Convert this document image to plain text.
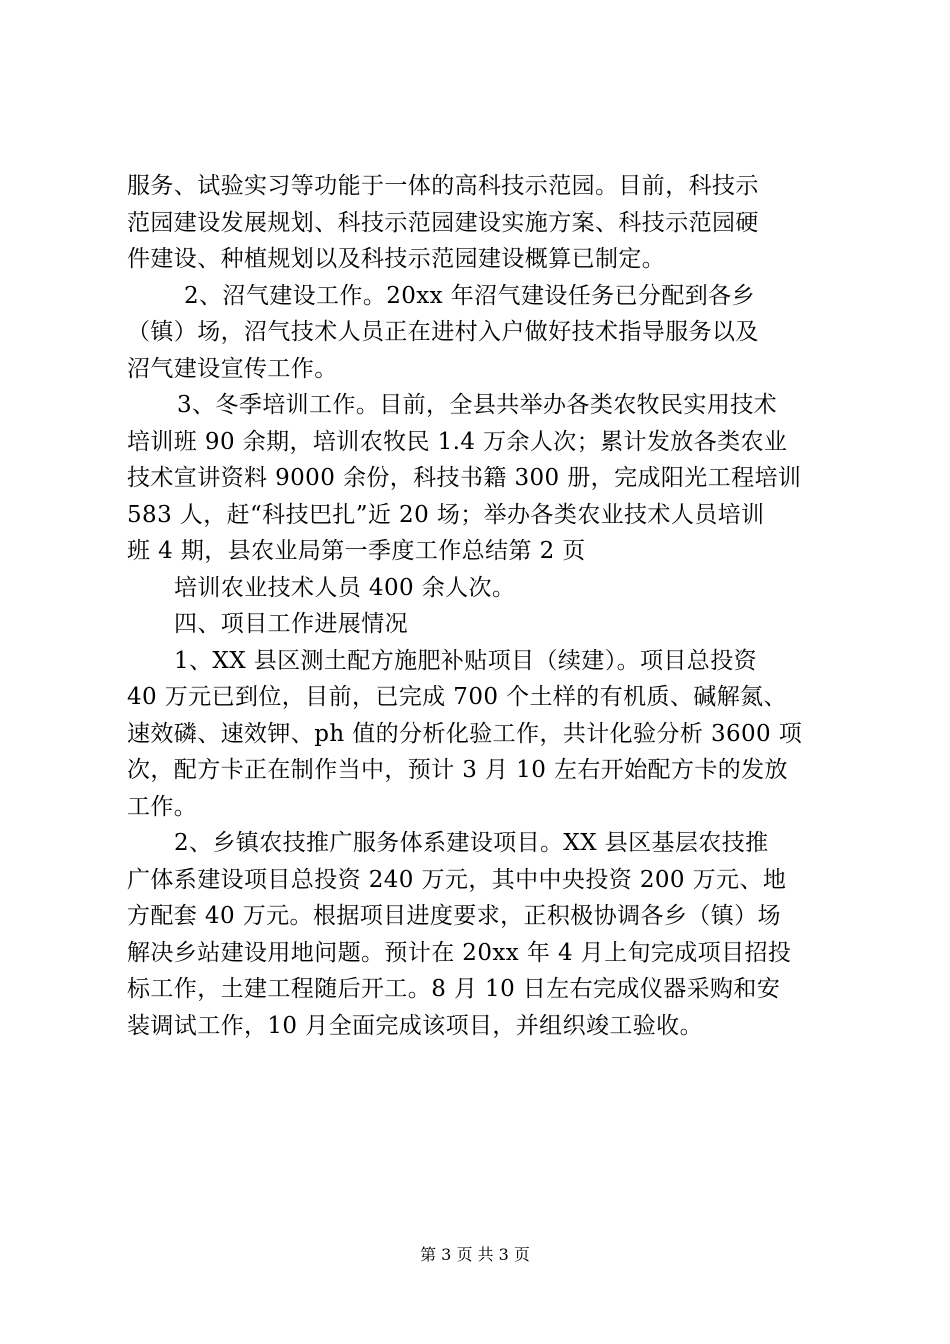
服务、试验实习等功能于一体的高科技示范园。目前，科技示
范园建设发展规划、科技示范园建设实施方案、科技示范园硬
件建设、种植规划以及科技示范园建设概算已制定。
2、沼气建设工作。20xx 年沼气建设任务已分配到各乡
（镇）场，沼气技术人员正在进村入户做好技术指导服务以及
沼气建设宣传工作。
3、冬季培训工作。目前，全县共举办各类农牧民实用技术
培训班 90 余期，培训农牧民 1.4 万余人次；累计发放各类农业
技术宣讲资料 9000 余份，科技书籍 300 册，完成阳光工程培训
583 人，赶“科技巴扎”近 20 场；举办各类农业技术人员培训
班 4 期，县农业局第一季度工作总结第 2 页
培训农业技术人员 400 余人次。
四、项目工作进展情况
1、XX 县区测土配方施肥补贴项目（续建）。项目总投资
40 万元已到位，目前，已完成 700 个土样的有机质、碱解氮、
速效磷、速效钾、ph 值的分析化验工作，共计化验分析 3600 项
次，配方卡正在制作当中，预计 3 月 10 左右开始配方卡的发放
工作。
2、乡镇农技推广服务体系建设项目。XX 县区基层农技推
广体系建设项目总投资 240 万元，其中中央投资 200 万元、地
方配套 40 万元。根据项目进度要求，正积极协调各乡（镇）场
解决乡站建设用地问题。预计在 20xx 年 4 月上旬完成项目招投
标工作，土建工程随后开工。8 月 10 日左右完成仪器采购和安
装调试工作，10 月全面完成该项目，并组织竣工验收。
第 3 页 共 3 页
